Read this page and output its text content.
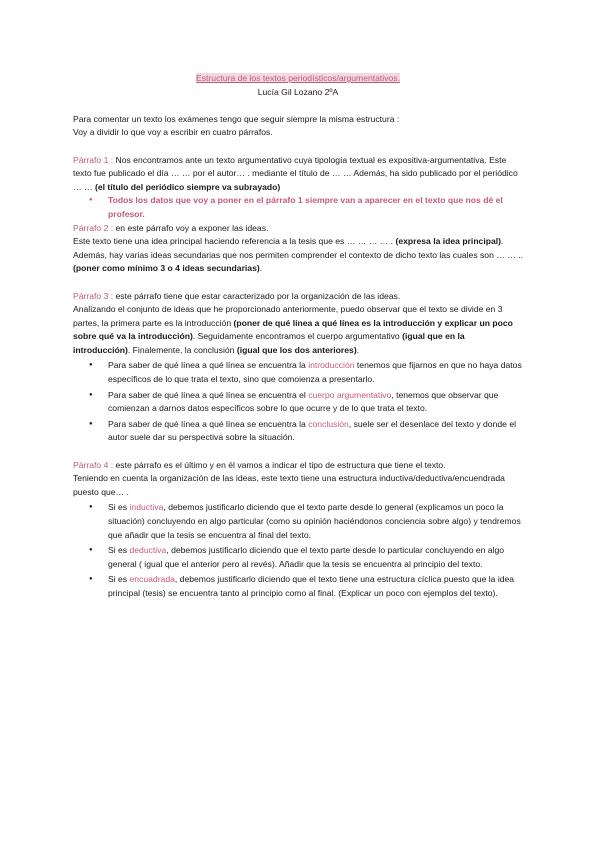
Estructura de los textos periodísticos/argumentativos.

Lucía Gil Lozano 2ºA

Para comentar un texto los exámenes tengo que seguir siempre la misma estructura :

Voy a dividir lo que voy a escribir en cuatro párrafos.

Párrafo 1 : Nos encontramos ante un texto argumentativo cuya tipología textual es expositiva-argumentativa. Este texto fue publicado el día … … por el autor… . mediante el título de … … Además, ha sido publicado por el periódico … … (el título del periódico siempre va subrayado)

● Todos los datos que voy a poner en el párrafo 1 siempre van a aparecer en el texto que nos dé el profesor.

Párrafo 2 : en este párrafo voy a exponer las ideas.

Este texto tiene una idea principal haciendo referencia a la tesis que es … … … … . (expresa la idea principal). Además, hay varias ideas secundarias que nos permiten comprender el contexto de dicho texto las cuales son … … .. (poner como mínimo 3 o 4 ideas secundarias).

Párrafo 3 : este párrafo tiene que estar caracterizado por la organización de las ideas.

Analizando el conjunto de ideas que he proporcionado anteriormente, puedo observar que el texto se divide en 3 partes, la primera parte es la introducción (poner de qué línea a qué línea es la introducción y explicar un poco sobre qué va la introducción). Seguidamente encontramos el cuerpo argumentativo (igual que en la introducción). Finalemente, la conclusión (igual que los dos anteriores).

● Para saber de qué línea a qué línea se encuentra la introducción tenemos que fijarnos en que no haya datos específicos de lo que trata el texto, sino que comoienza a presentarlo.
● Para saber de qué línea a qué línea se encuentra el cuerpo argumentativo, tenemos que observar que comienzan a darnos datos específicos sobre lo que ocurre y de lo que trata el texto.
● Para saber de qué línea a qué línea se encuentra la conclusión, suele ser el desenlace del texto y donde el autor suele dar su perspectiva sobre la situación.

Párrafo 4 : este párrafo es el último y en él vamos a indicar el tipo de estructura que tiene el texto.

Teniendo en cuenta la organización de las ideas, este texto tiene una estructura inductiva/deductiva/encuendrada puesto que… .

● Si es inductiva, debemos justificarlo diciendo que el texto parte desde lo general (explicamos un poco la situación) concluyendo en algo particular (como su opinión haciéndonos conciencia sobre algo) y tendremos que añadir que la tesis se encuentra al final del texto.
● Si es deductiva, debemos justificarlo diciendo que el texto parte desde lo particular concluyendo en algo general ( igual que el anterior pero al revés). Añadir que la tesis se encuentra al principio del texto.
● Si es encuadrada, debemos justificarlo diciendo que el texto tiene una estructura cíclica puesto que la idea principal (tesis) se encuentra tanto al principio como al final. (Explicar un poco con ejemplos del texto).
